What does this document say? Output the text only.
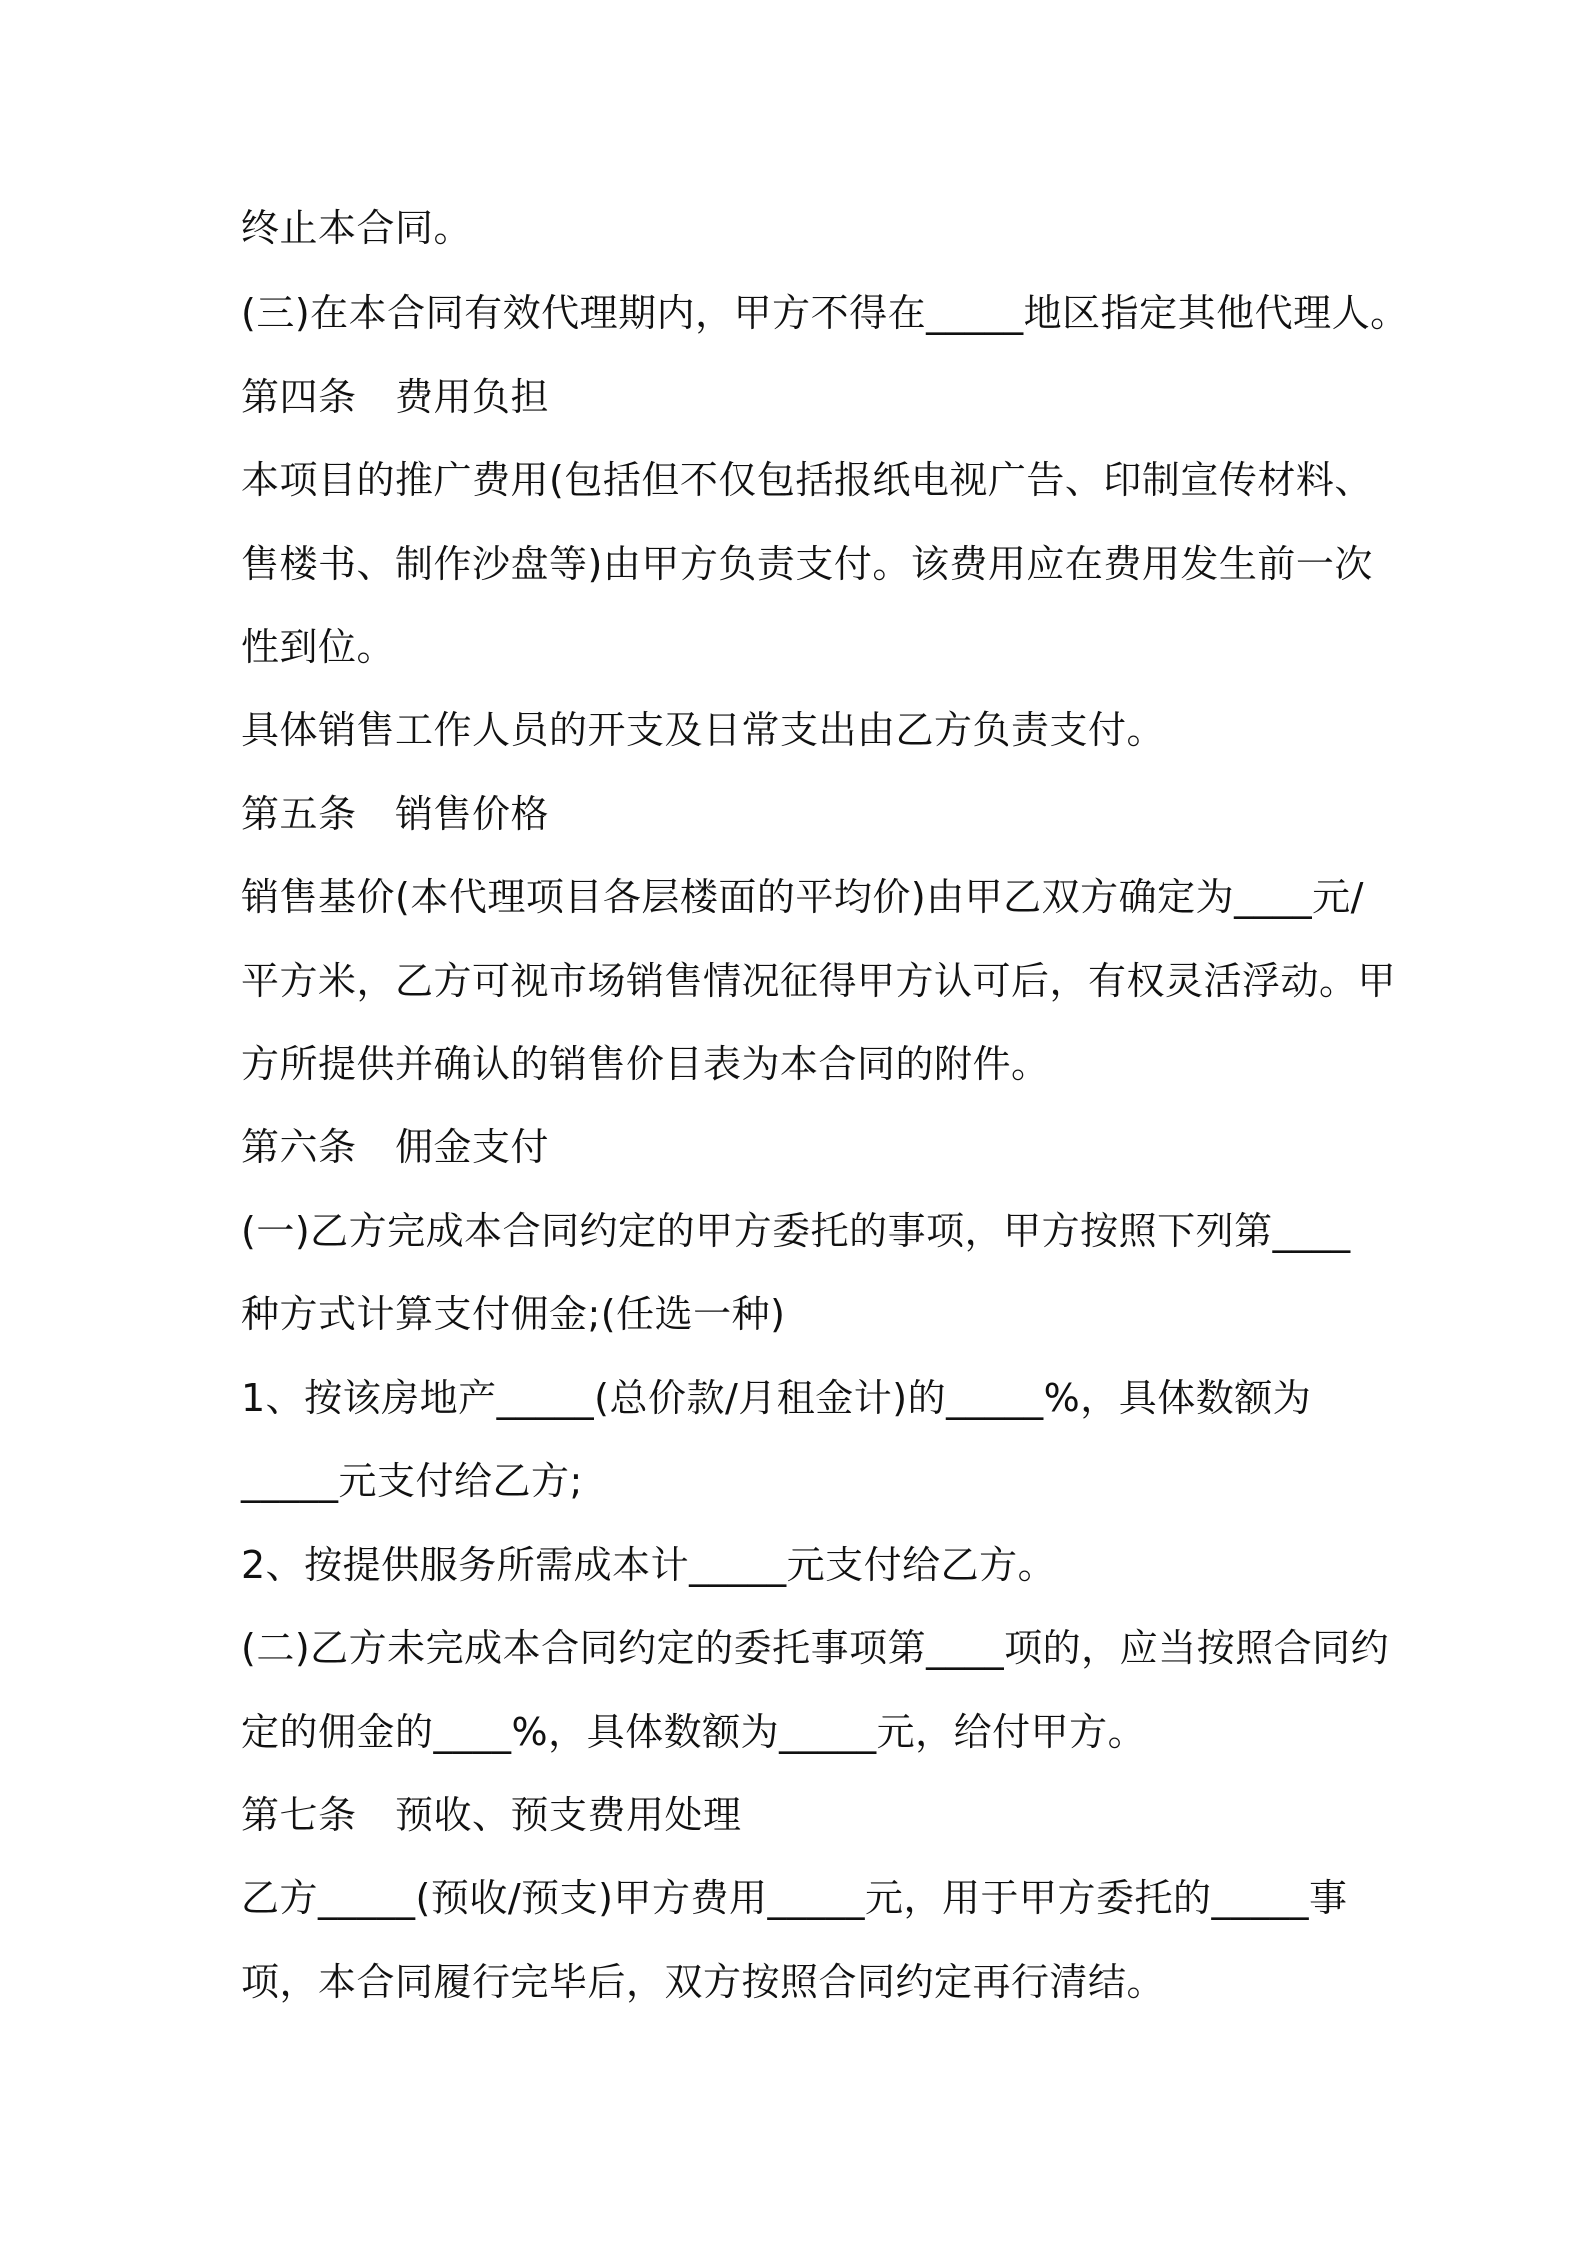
终止本合同。
(三)在本合同有效代理期内，甲方不得在_____地区指定其他代理人。
第四条　费用负担
本项目的推广费用(包括但不仅包括报纸电视广告、印制宣传材料、
售楼书、制作沙盘等)由甲方负责支付。该费用应在费用发生前一次
性到位。
具体销售工作人员的开支及日常支出由乙方负责支付。
第五条　销售价格
销售基价(本代理项目各层楼面的平均价)由甲乙双方确定为____元/
平方米，乙方可视市场销售情况征得甲方认可后，有权灵活浮动。甲
方所提供并确认的销售价目表为本合同的附件。
第六条　佣金支付
(一)乙方完成本合同约定的甲方委托的事项，甲方按照下列第____
种方式计算支付佣金;(任选一种)
1、按该房地产_____(总价款/月租金计)的_____%，具体数额为
_____元支付给乙方;
2、按提供服务所需成本计_____元支付给乙方。
(二)乙方未完成本合同约定的委托事项第____项的，应当按照合同约
定的佣金的____%，具体数额为_____元，给付甲方。
第七条　预收、预支费用处理
乙方_____(预收/预支)甲方费用_____元，用于甲方委托的_____事
项，本合同履行完毕后，双方按照合同约定再行清结。
